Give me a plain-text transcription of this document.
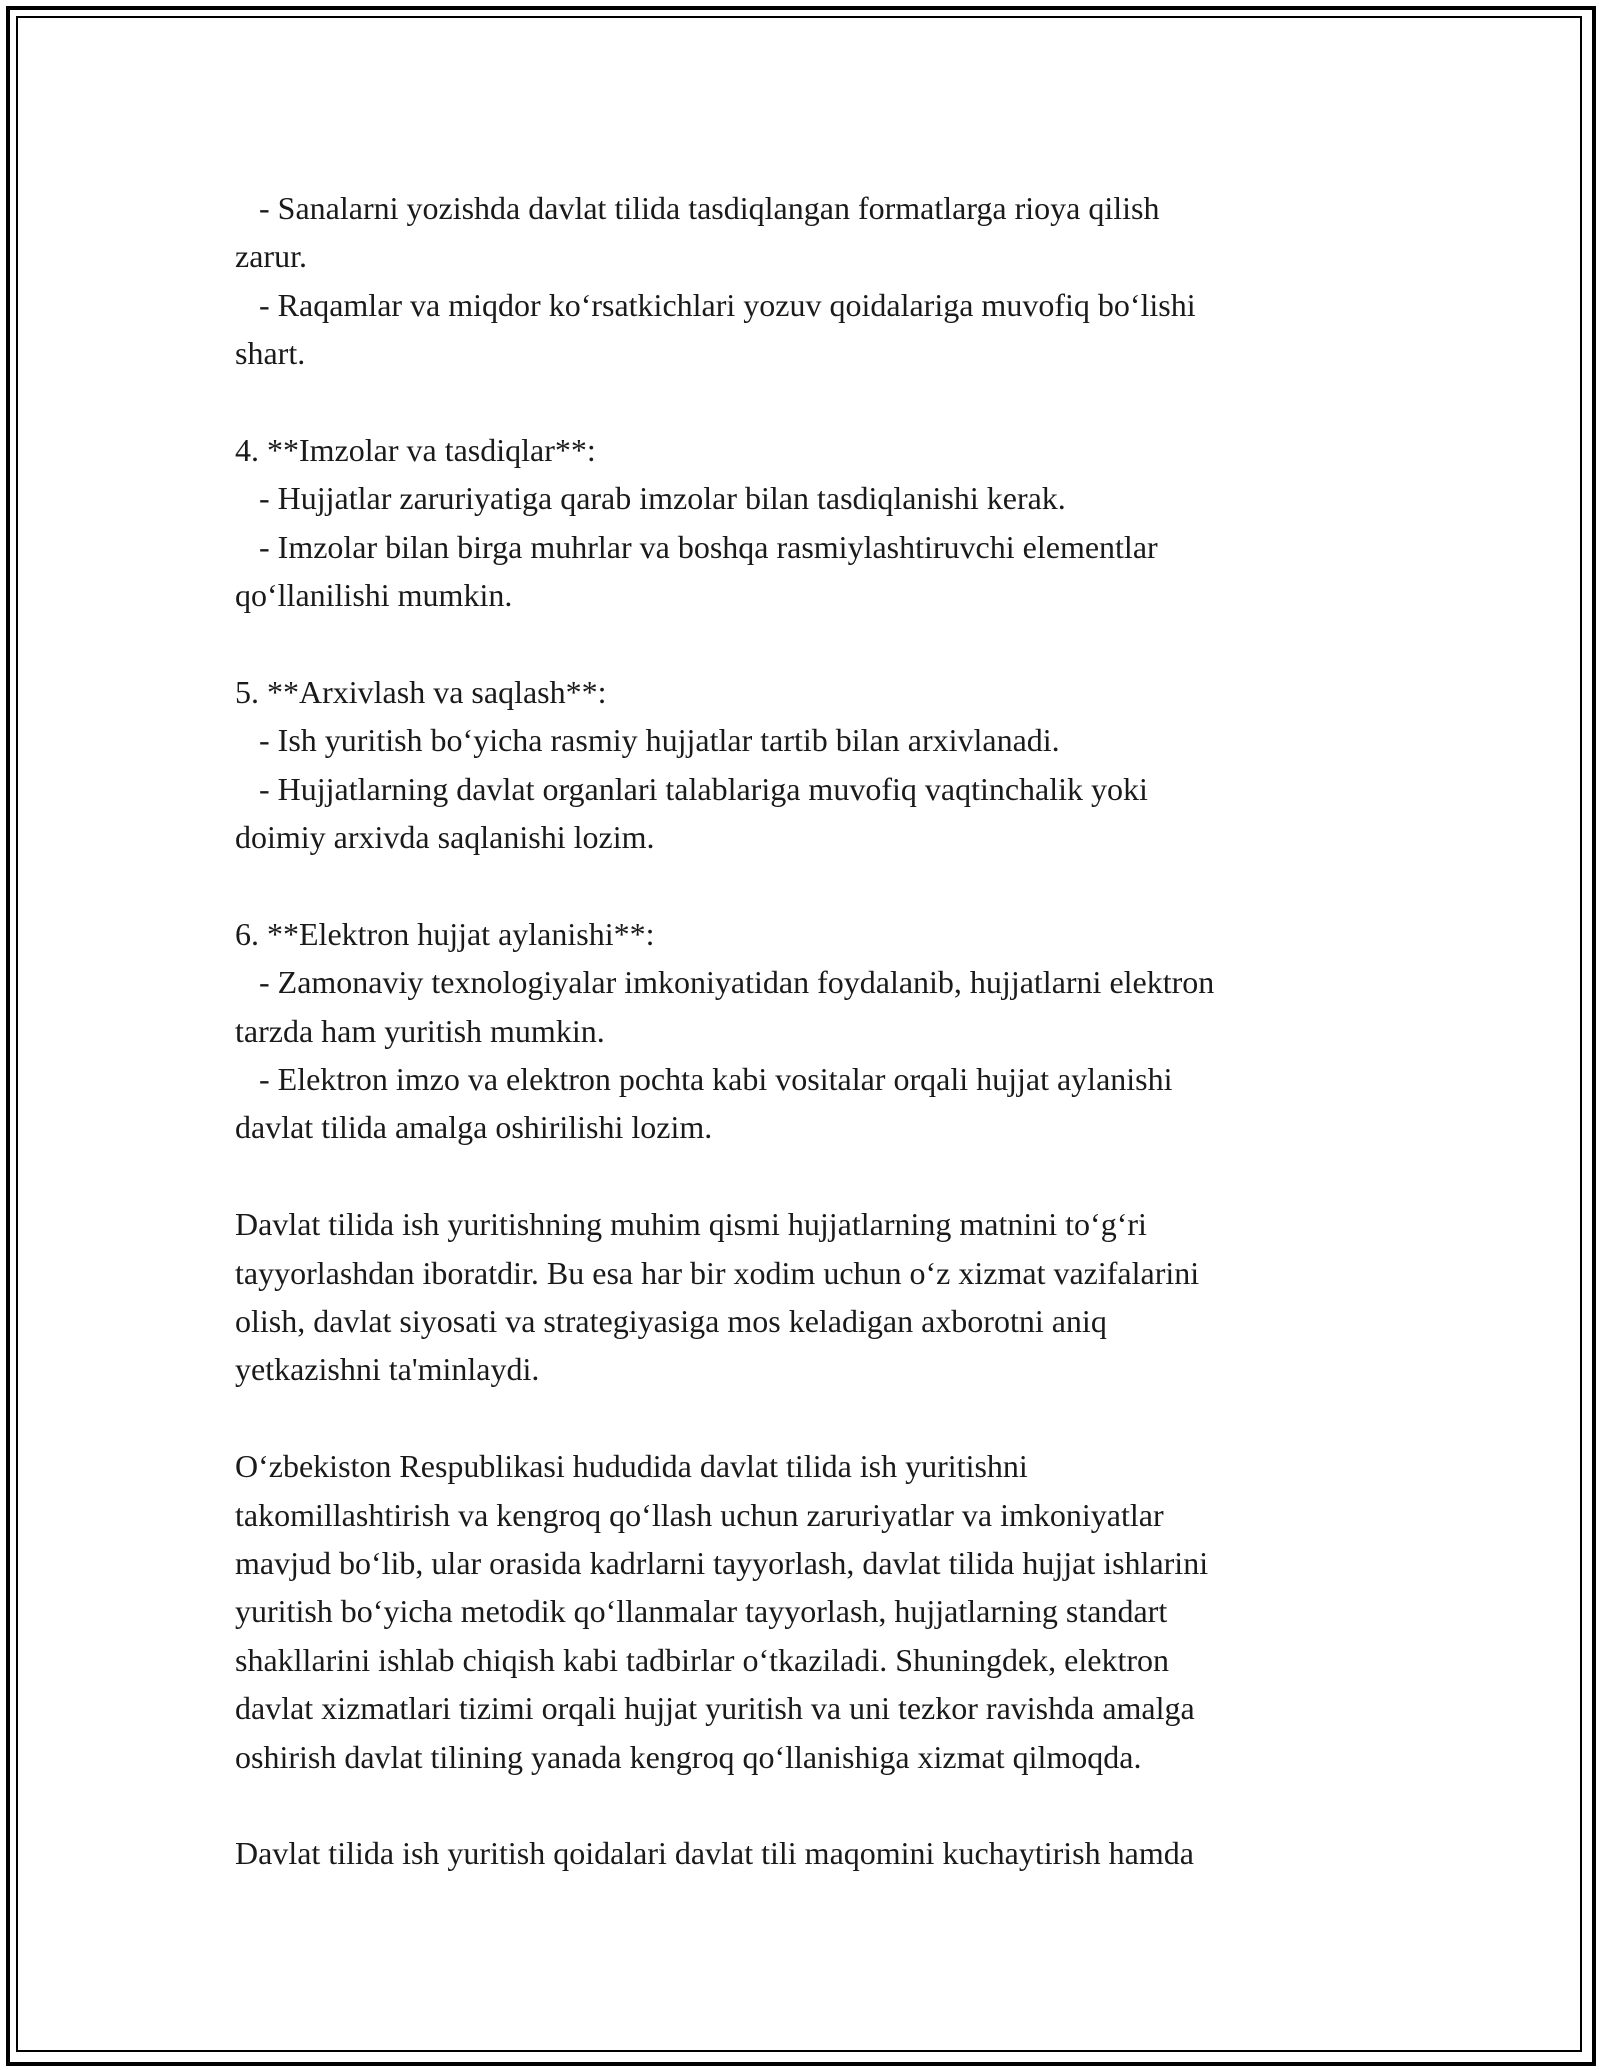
- Sanalarni yozishda davlat tilida tasdiqlangan formatlarga rioya qilish
zarur.
- Raqamlar va miqdor ko‘rsatkichlari yozuv qoidalariga muvofiq bo‘lishi
shart.
4. **Imzolar va tasdiqlar**:
- Hujjatlar zaruriyatiga qarab imzolar bilan tasdiqlanishi kerak.
- Imzolar bilan birga muhrlar va boshqa rasmiylashtiruvchi elementlar
qo‘llanilishi mumkin.
5. **Arxivlash va saqlash**:
- Ish yuritish bo‘yicha rasmiy hujjatlar tartib bilan arxivlanadi.
- Hujjatlarning davlat organlari talablariga muvofiq vaqtinchalik yoki
doimiy arxivda saqlanishi lozim.
6. **Elektron hujjat aylanishi**:
- Zamonaviy texnologiyalar imkoniyatidan foydalanib, hujjatlarni elektron
tarzda ham yuritish mumkin.
- Elektron imzo va elektron pochta kabi vositalar orqali hujjat aylanishi
davlat tilida amalga oshirilishi lozim.
Davlat tilida ish yuritishning muhim qismi hujjatlarning matnini to‘g‘ri
tayyorlashdan iboratdir. Bu esa har bir xodim uchun o‘z xizmat vazifalarini
olish, davlat siyosati va strategiyasiga mos keladigan axborotni aniq
yetkazishni ta'minlaydi.
O‘zbekiston Respublikasi hududida davlat tilida ish yuritishni
takomillashtirish va kengroq qo‘llash uchun zaruriyatlar va imkoniyatlar
mavjud bo‘lib, ular orasida kadrlarni tayyorlash, davlat tilida hujjat ishlarini
yuritish bo‘yicha metodik qo‘llanmalar tayyorlash, hujjatlarning standart
shakllarini ishlab chiqish kabi tadbirlar o‘tkaziladi. Shuningdek, elektron
davlat xizmatlari tizimi orqali hujjat yuritish va uni tezkor ravishda amalga
oshirish davlat tilining yanada kengroq qo‘llanishiga xizmat qilmoqda.
Davlat tilida ish yuritish qoidalari davlat tili maqomini kuchaytirish hamda
